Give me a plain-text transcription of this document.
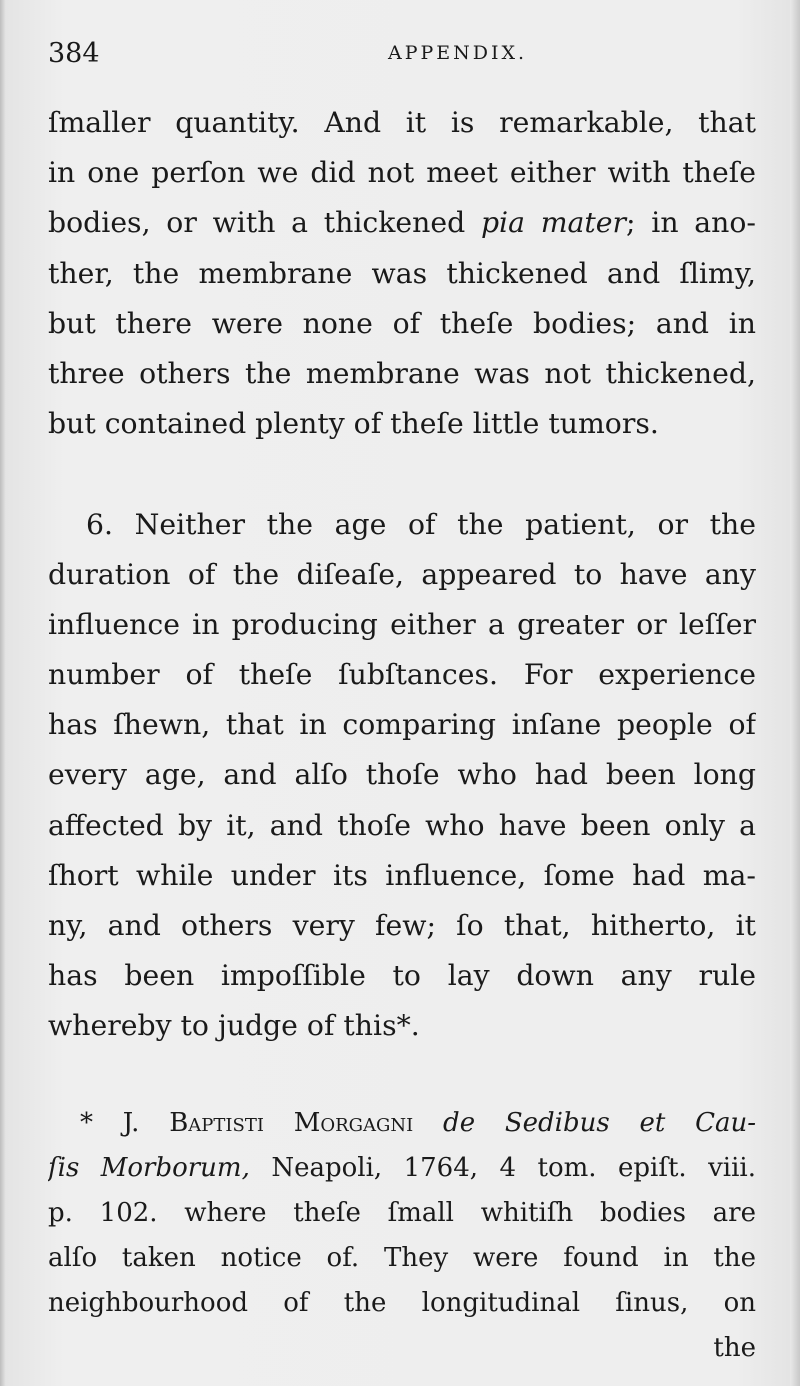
384	APPENDIX.
ſmaller quantity. And it is remarkable, that
in one perſon we did not meet either with theſe
bodies, or with a thickened pia mater; in ano-
ther, the membrane was thickened and ſlimy,
but there were none of theſe bodies; and in
three others the membrane was not thickened,
but contained plenty of theſe little tumors.
6. Neither the age of the patient, or the
duration of the diſeaſe, appeared to have any
influence in producing either a greater or leſſer
number of theſe ſubſtances. For experience
has ſhewn, that in comparing inſane people of
every age, and alſo thoſe who had been long
affected by it, and thoſe who have been only a
ſhort while under its influence, ſome had ma-
ny, and others very few; ſo that, hitherto, it
has been impoſſible to lay down any rule
whereby to judge of this*.
* J. Baptisti Morgagni de Sedibus et Cau-
ſis Morborum, Neapoli, 1764, 4 tom. epiſt. viii.
p. 102. where theſe ſmall whitiſh bodies are
alſo taken notice of. They were found in the
neighbourhood of the longitudinal ſinus, on
the
